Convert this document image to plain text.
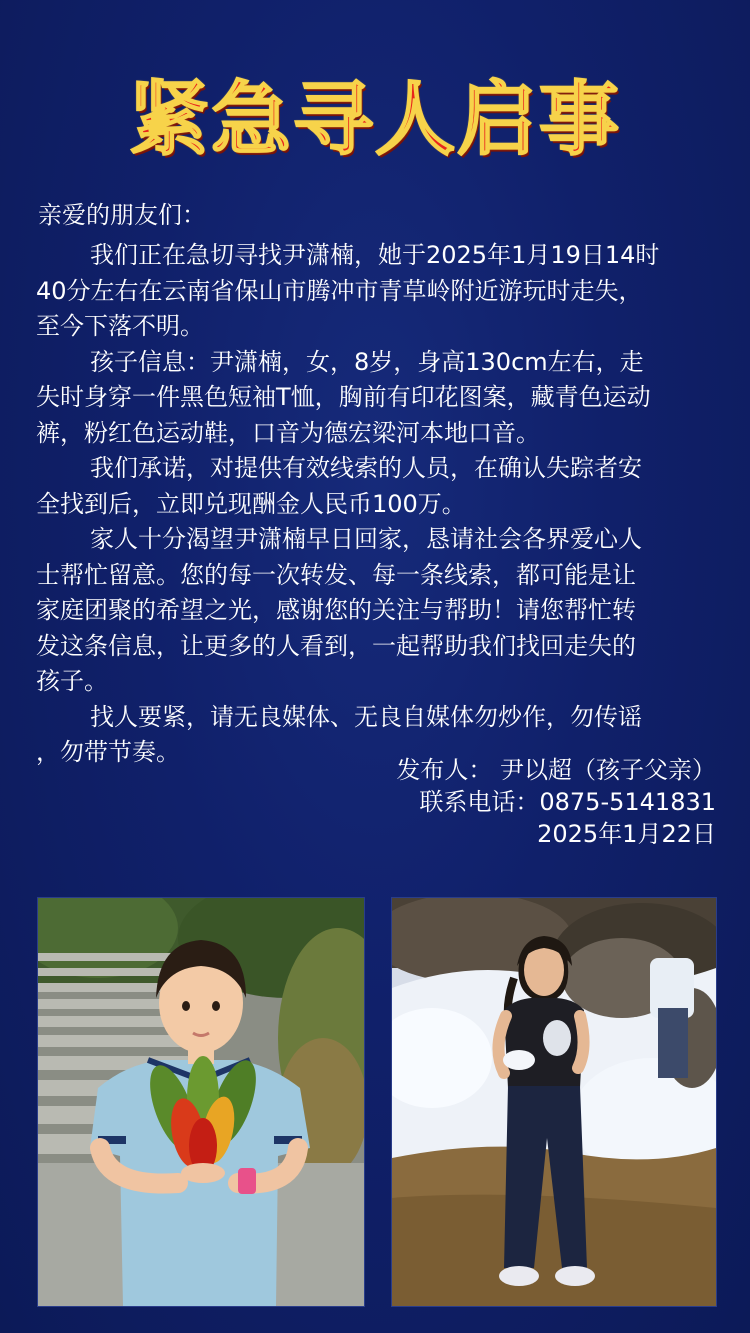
紧急寻人启事
亲爱的朋友们：
我们正在急切寻找尹潇楠，她于2025年1月19日14时
40分左右在云南省保山市腾冲市青草岭附近游玩时走失，
至今下落不明。
孩子信息：尹潇楠，女，8岁，身高130cm左右，走
失时身穿一件黑色短袖T恤，胸前有印花图案，藏青色运动
裤，粉红色运动鞋，口音为德宏梁河本地口音。
我们承诺，对提供有效线索的人员，在确认失踪者安
全找到后，立即兑现酬金人民币100万。
家人十分渴望尹潇楠早日回家，恳请社会各界爱心人
士帮忙留意。您的每一次转发、每一条线索，都可能是让
家庭团聚的希望之光，感谢您的关注与帮助！请您帮忙转
发这条信息，让更多的人看到，一起帮助我们找回走失的
孩子。
找人要紧，请无良媒体、无良自媒体勿炒作，勿传谣
，勿带节奏。
发布人： 尹以超（孩子父亲）
联系电话：0875-5141831
2025年1月22日
